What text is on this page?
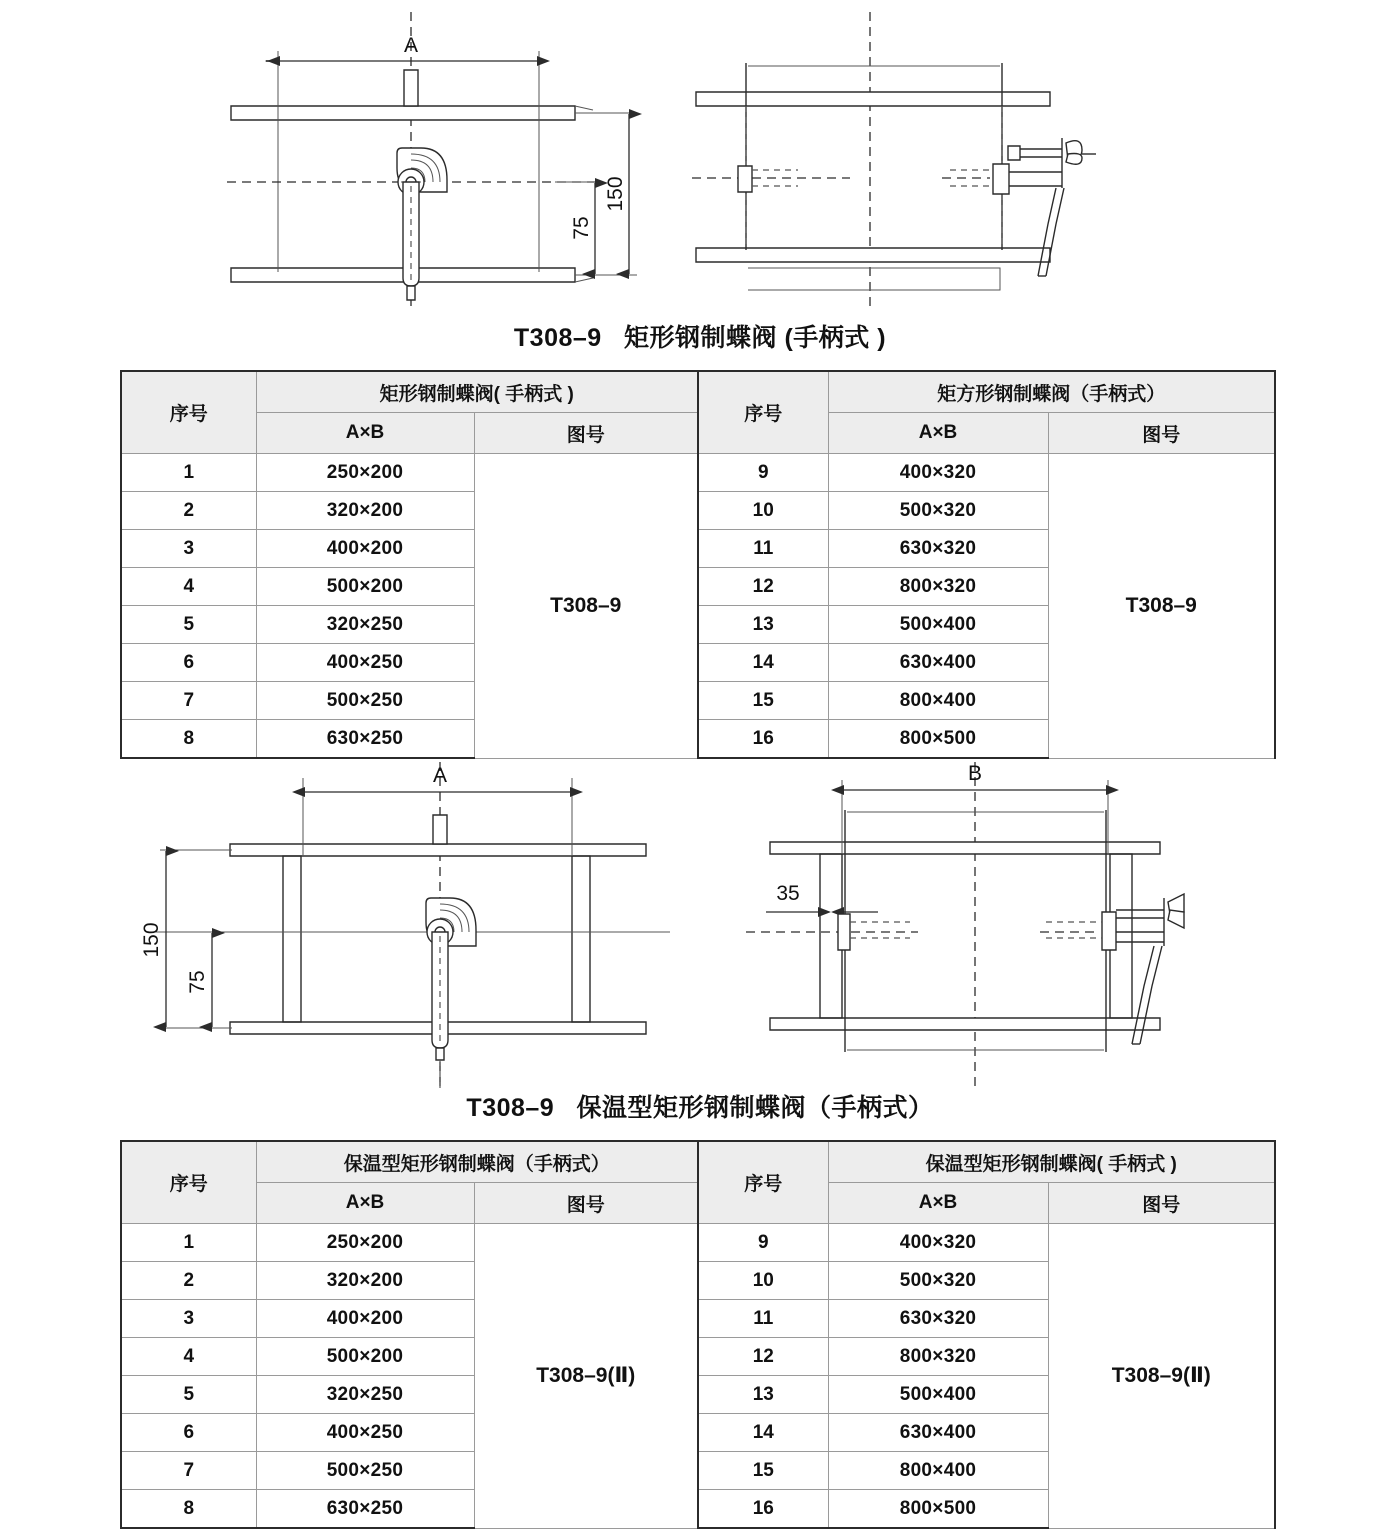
A
150
75
T308–9   矩形钢制蝶阀 (手柄式 )
序号	矩形钢制蝶阀( 手柄式 )		序号	矩方形钢制蝶阀（手柄式）	
	A×B	图号		A×B	图号
1	250×200	T308–9	9	400×320	T308–9
2	320×200		10	500×320	
3	400×200		11	630×320	
4	500×200		12	800×320	
5	320×250		13	500×400	
6	400×250		14	630×400	
7	500×250		15	800×400	
8	630×250		16	800×500	
A
150
75
B
35
T308–9   保温型矩形钢制蝶阀（手柄式）
序号	保温型矩形钢制蝶阀（手柄式）		序号	保温型矩形钢制蝶阀( 手柄式 )	
	A×B	图号		A×B	图号
1	250×200	T308–9(Ⅱ)	9	400×320	T308–9(Ⅱ)
2	320×200		10	500×320	
3	400×200		11	630×320	
4	500×200		12	800×320	
5	320×250		13	500×400	
6	400×250		14	630×400	
7	500×250		15	800×400	
8	630×250		16	800×500	
